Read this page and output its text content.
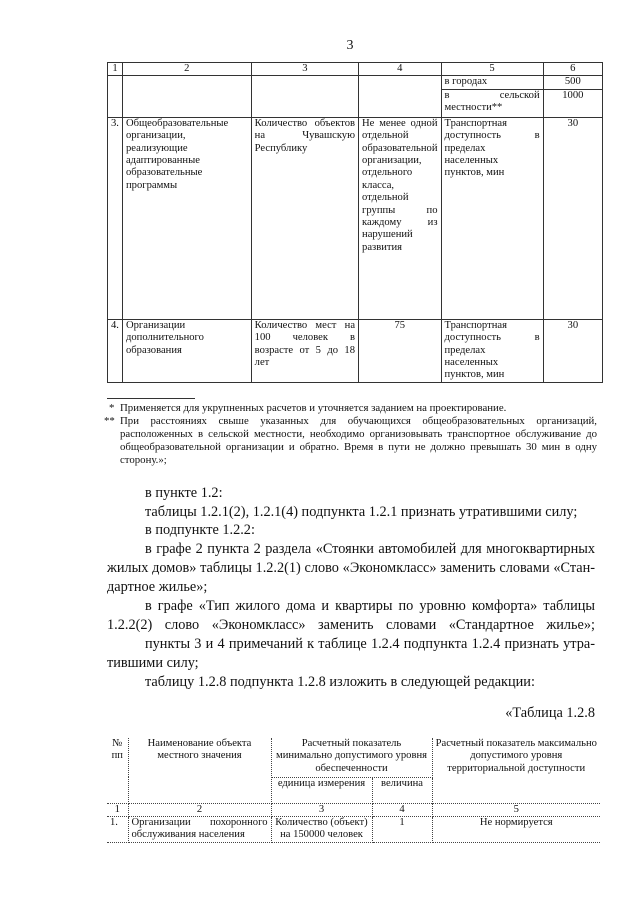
3
1	2	3	4	5	6
				в городах	500
				в сельской местности**	1000
3.	Общеобразовательные организации, реализующие адаптированные образовательные программы	Количество объектов на Чувашскую Республику	Не менее одной отдельной образовательной организации, отдельного класса, отдельной группы по каждому из нарушений развития	Транспортная доступность в пределах населенных пунктов, мин	30
4.	Организации дополнительного образования	Количество мест на 100 человек в возрасте от 5 до 18 лет	75	Транспортная доступность в пределах населенных пунктов, мин	30
* Применяется для укрупненных расчетов и уточняется заданием на проектирование.
** При расстояниях свыше указанных для обучающихся общеобразовательных организаций, расположенных в сельской местности, необходимо организовывать транспортное обслуживание до общеобразовательной организации и обратно. Время в пути не должно превышать 30 мин в одну сторону.»;
в пункте 1.2:
таблицы 1.2.1(2), 1.2.1(4) подпункта 1.2.1 признать утратившими силу;
в подпункте 1.2.2:
в графе 2 пункта 2 раздела «Стоянки автомобилей для многоквартирных
жилых домов» таблицы 1.2.2(1) слово «Экономкласс» заменить словами «Стан-
дартное жилье»;
в графе «Тип жилого дома и квартиры по уровню комфорта» таблицы
1.2.2(2) слово «Экономкласс» заменить словами «Стандартное жилье»;
пункты 3 и 4 примечаний к таблице 1.2.4 подпункта 1.2.4 признать утра-
тившими силу;
таблицу 1.2.8 подпункта 1.2.8 изложить в следующей редакции:
«Таблица 1.2.8
№ пп	Наименование объекта местного значения	Расчетный показатель минимально допустимого уровня обеспеченности		Расчетный показатель максимально допустимого уровня территориальной доступности
		единица измерения	величина	
1	2	3	4	5
1.	Организации похоронного обслуживания населения	Количество (объект) на 150000 человек	1	Не нормируется
